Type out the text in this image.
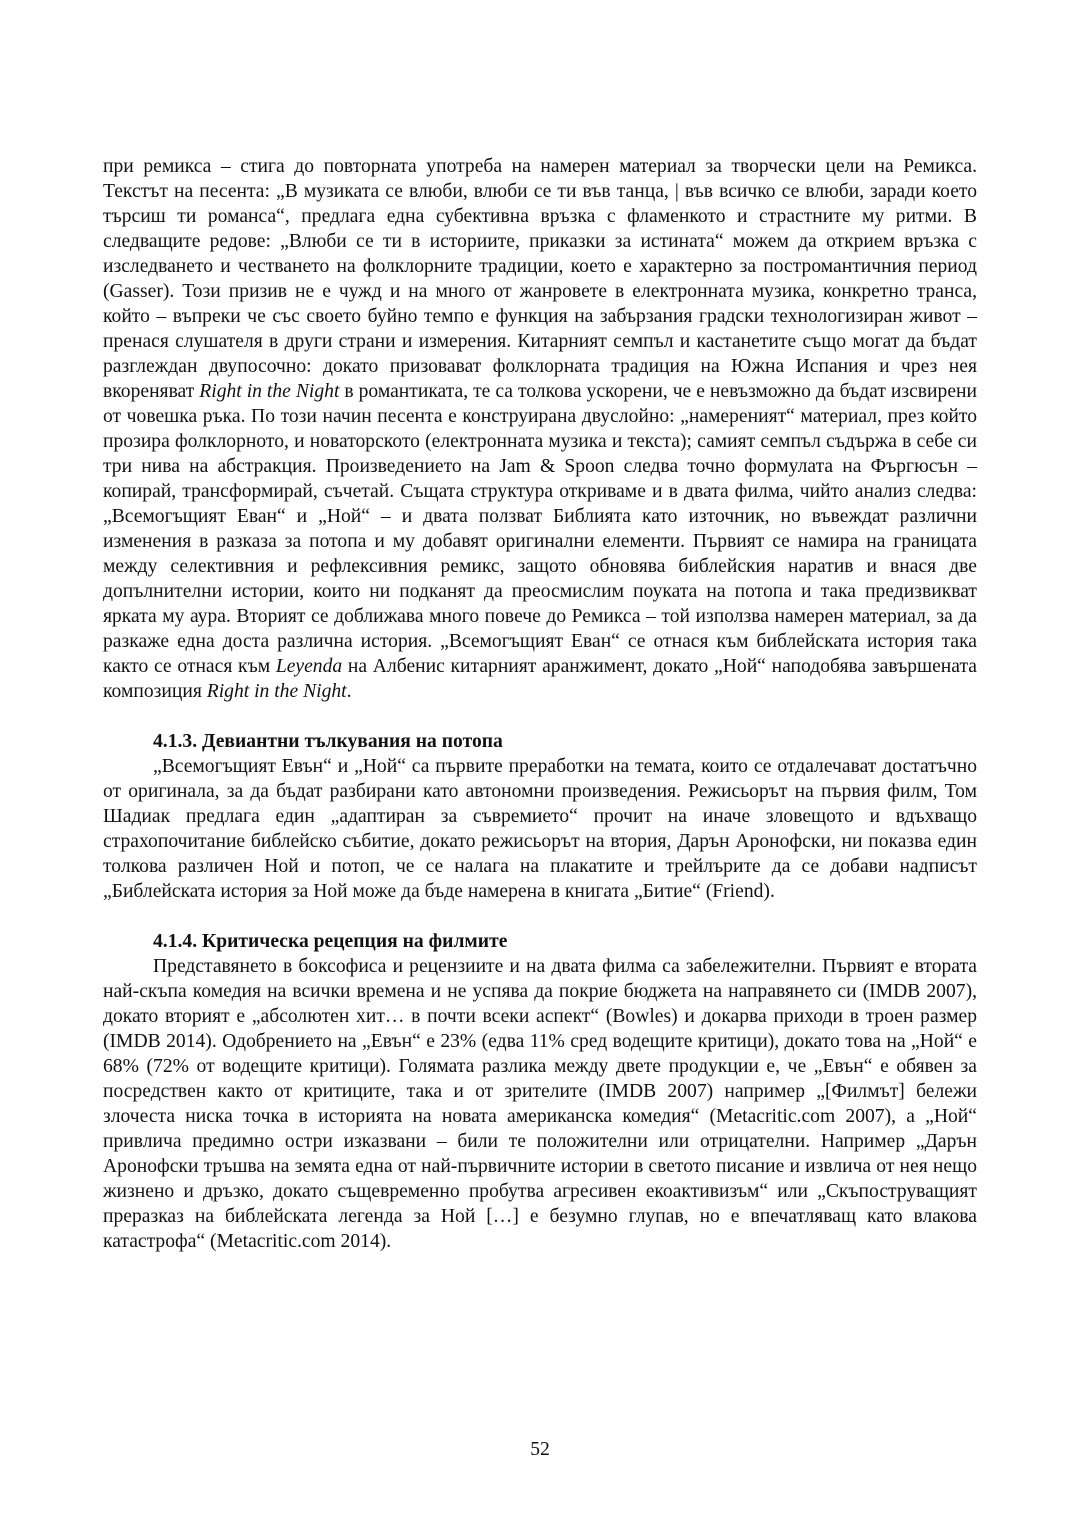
при ремикса – стига до повторната употреба на намерен материал за творчески цели на Ремикса. Текстът на песента: „В музиката се влюби, влюби се ти във танца, | във всичко се влюби, заради което търсиш ти романса“, предлага една субективна връзка с фламенкото и страстните му ритми. В следващите редове: „Влюби се ти в историите, приказки за истината“ можем да открием връзка с изследването и честването на фолклорните традиции, което е характерно за постромантичния период (Gasser). Този призив не е чужд и на много от жанровете в електронната музика, конкретно транса, който – въпреки че със своето буйно темпо е функция на забързания градски технологизиран живот – пренася слушателя в други страни и измерения. Китарният семпъл и кастанетите също могат да бъдат разглеждан двупосочно: докато призовават фолклорната традиция на Южна Испания и чрез нея вкореняват Right in the Night в романтиката, те са толкова ускорени, че е невъзможно да бъдат изсвирени от човешка ръка. По този начин песента е конструирана двуслойно: „намереният“ материал, през който прозира фолклорното, и новаторското (електронната музика и текста); самият семпъл съдържа в себе си три нива на абстракция. Произведението на Jam & Spoon следва точно формулата на Фъргюсън – копирай, трансформирай, съчетай. Същата структура откриваме и в двата филма, чийто анализ следва: „Всемогъщият Еван“ и „Ной“ – и двата ползват Библията като източник, но въвеждат различни изменения в разказа за потопа и му добавят оригинални елементи. Първият се намира на границата между селективния и рефлексивния ремикс, защото обновява библейския наратив и внася две допълнителни истории, които ни подканят да преосмислим поуката на потопа и така предизвикват ярката му аура. Вторият се доближава много повече до Ремикса – той използва намерен материал, за да разкаже една доста различна история. „Всемогъщият Еван“ се отнася към библейската история така както се отнася към Leyenda на Албенис китарният аранжимент, докато „Ной“ наподобява завършената композиция Right in the Night.

4.1.3. Девиантни тълкувания на потопа

„Всемогъщият Евън“ и „Ной“ са първите преработки на темата, които се отдалечават достатъчно от оригинала, за да бъдат разбирани като автономни произведения. Режисьорът на първия филм, Том Шадиак предлага един „адаптиран за съвремието“ прочит на иначе зловещото и вдъхващо страхопочитание библейско събитие, докато режисьорът на втория, Дарън Аронофски, ни показва един толкова различен Ной и потоп, че се налага на плакатите и трейлърите да се добави надписът „Библейската история за Ной може да бъде намерена в книгата „Битие“ (Friend).

4.1.4. Критическа рецепция на филмите

Представянето в боксофиса и рецензиите и на двата филма са забележителни. Първият е втората най-скъпа комедия на всички времена и не успява да покрие бюджета на направянето си (IMDB 2007), докато вторият е „абсолютен хит… в почти всеки аспект“ (Bowles) и докарва приходи в троен размер (IMDB 2014). Одобрението на „Евън“ е 23% (едва 11% сред водещите критици), докато това на „Ной“ е 68% (72% от водещите критици). Голямата разлика между двете продукции е, че „Евън“ е обявен за посредствен както от критиците, така и от зрителите (IMDB 2007) например „[Филмът] бележи злочеста ниска точка в историята на новата американска комедия“ (Metacritic.com 2007), а „Ной“ привлича предимно остри изказвани – били те положителни или отрицателни. Например „Дарън Аронофски тръшва на земята една от най-първичните истории в светото писание и извлича от нея нещо жизнено и дръзко, докато същевременно пробутва агресивен екоактивизъм“ или „Скъпоструващият преразказ на библейската легенда за Ной […] е безумно глупав, но е впечатляващ като влакова катастрофа“ (Metacritic.com 2014).

52
